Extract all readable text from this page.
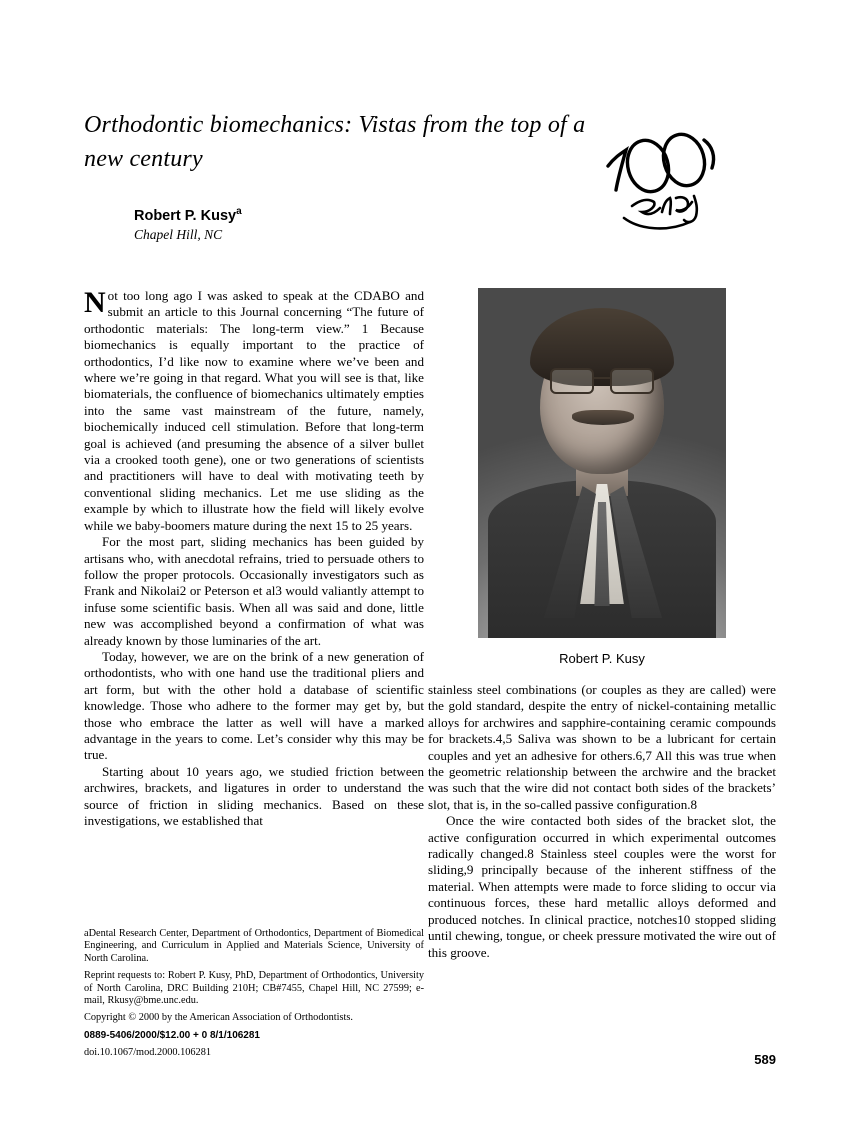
Orthodontic biomechanics: Vistas from the top of a new century
Robert P. Kusy$^a$
Chapel Hill, NC

Not too long ago I was asked to speak at the CDABO and submit an article to this Journal concerning “The future of orthodontic materials: The long-term view.” 1 Because biomechanics is equally important to the practice of orthodontics, I’d like now to examine where we’ve been and where we’re going in that regard. What you will see is that, like biomaterials, the confluence of biomechanics ultimately empties into the same vast mainstream of the future, namely, biochemically induced cell stimulation. Before that long-term goal is achieved (and presuming the absence of a silver bullet via a crooked tooth gene), one or two generations of scientists and practitioners will have to deal with motivating teeth by conventional sliding mechanics. Let me use sliding as the example by which to illustrate how the field will likely evolve while we baby-boomers mature during the next 15 to 25 years.

For the most part, sliding mechanics has been guided by artisans who, with anecdotal refrains, tried to persuade others to follow the proper protocols. Occasionally investigators such as Frank and Nikolai2 or Peterson et al3 would valiantly attempt to infuse some scientific basis. When all was said and done, little new was accomplished beyond a confirmation of what was already known by those luminaries of the art.

Today, however, we are on the brink of a new generation of orthodontists, who with one hand use the traditional pliers and art form, but with the other hold a database of scientific knowledge. Those who adhere to the former may get by, but those who embrace the latter as well will have a marked advantage in the years to come. Let’s consider why this may be true.

Starting about 10 years ago, we studied friction between archwires, brackets, and ligatures in order to understand the source of friction in sliding mechanics. Based on these investigations, we established that

Robert P. Kusy

stainless steel combinations (or couples as they are called) were the gold standard, despite the entry of nickel-containing metallic alloys for archwires and sapphire-containing ceramic compounds for brackets.4,5 Saliva was shown to be a lubricant for certain couples and yet an adhesive for others.6,7 All this was true when the geometric relationship between the archwire and the bracket was such that the wire did not contact both sides of the brackets’ slot, that is, in the so-called passive configuration.8

Once the wire contacted both sides of the bracket slot, the active configuration occurred in which experimental outcomes radically changed.8 Stainless steel couples were the worst for sliding,9 principally because of the inherent stiffness of the material. When attempts were made to force sliding to occur via continuous forces, these hard metallic alloys deformed and produced notches. In clinical practice, notches10 stopped sliding until chewing, tongue, or cheek pressure motivated the wire out of this groove.

aDental Research Center, Department of Orthodontics, Department of Biomedical Engineering, and Curriculum in Applied and Materials Science, University of North Carolina.

Reprint requests to: Robert P. Kusy, PhD, Department of Orthodontics, University of North Carolina, DRC Building 210H; CB#7455, Chapel Hill, NC 27599; e-mail, Rkusy@bme.unc.edu.

Copyright © 2000 by the American Association of Orthodontists.

0889-5406/2000/$12.00 + 0 8/1/106281

doi.10.1067/mod.2000.106281	589
